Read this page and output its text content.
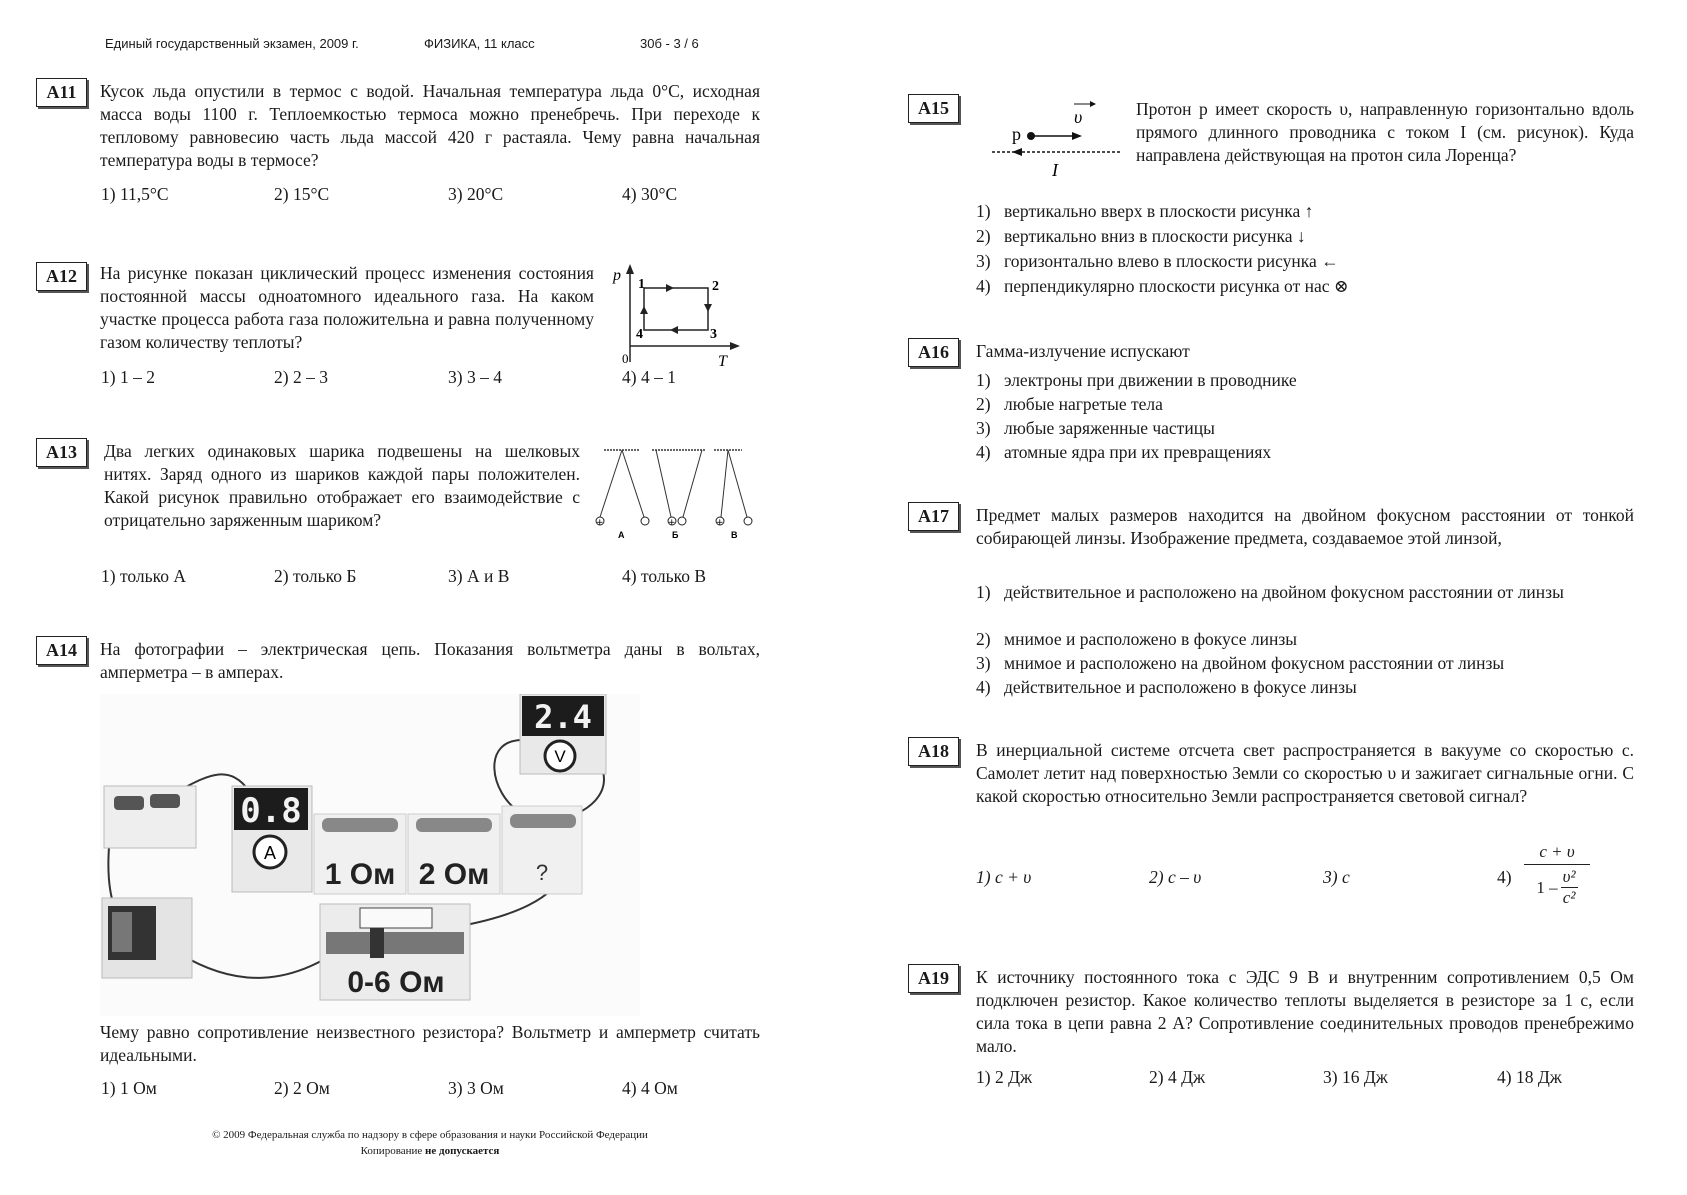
Единый государственный экзамен, 2009 г.	ФИЗИКА, 11 класс	30б - 3 / 6
A11	Кусок льда опустили в термос с водой. Начальная температура льда 0°С, исходная масса воды 1100 г. Теплоемкостью термоса можно пренебречь. При переходе к тепловому равновесию часть льда массой 420 г растаяла. Чему равна начальная температура воды в термосе?
1) 11,5°С	2) 15°С	3) 20°С	4) 30°С
A12	На рисунке показан циклический процесс изменения состояния постоянной массы одноатомного идеального газа. На каком участке процесса работа газа положительна и равна полученному газом количеству теплоты?
p
T
0
1	2
3
4
1) 1 – 2	2) 2 – 3	3) 3 – 4	4) 4 – 1
A13	Два легких одинаковых шарика подвешены на шелковых нитях. Заряд одного из шариков каждой пары положителен. Какой рисунок правильно отображает его взаимодействие с отрицательно заряженным шариком?	+
А
+
Б
+
В
1) только А	2) только Б	3) А и В	4) только В
A14	На фотографии – электрическая цепь. Показания вольтметра даны в вольтах, амперметра – в амперах.
0.8
A
1 Ом 2 Ом ?
2.4
V
0-6 Ом
Чему равно сопротивление неизвестного резистора? Вольтметр и амперметр считать идеальными.
1) 1 Ом	2) 2 Ом	3) 3 Ом	4) 4 Ом
© 2009 Федеральная служба по надзору в сфере образования и науки Российской Федерации
Копирование не допускается
A15
p
υ
I
Протон p имеет скорость υ, направленную горизонтально вдоль прямого длинного проводника с током I (см. рисунок). Куда направлена действующая на протон сила Лоренца?
1) вертикально вверх в плоскости рисунка ↑
2) вертикально вниз в плоскости рисунка ↓
3) горизонтально влево в плоскости рисунка ←
4) перпендикулярно плоскости рисунка от нас ⊗
A16	Гамма-излучение испускают
1) электроны при движении в проводнике
2) любые нагретые тела
3) любые заряженные частицы
4) атомные ядра при их превращениях
A17	Предмет малых размеров находится на двойном фокусном расстоянии от тонкой собирающей линзы. Изображение предмета, создаваемое этой линзой,
1) действительное и расположено на двойном фокусном расстоянии от линзы
2) мнимое и расположено в фокусе линзы
3) мнимое и расположено на двойном фокусном расстоянии от линзы
4) действительное и расположено в фокусе линзы
A18	В инерциальной системе отсчета свет распространяется в вакууме со скоростью c. Самолет летит над поверхностью Земли со скоростью υ и зажигает сигнальные огни. С какой скоростью относительно Земли распространяется световой сигнал?
1) c + υ	2) c – υ	3) c	4)
c + υ
$1 - \frac{\text{υ²}}{\text{c²}}$
A19	К источнику постоянного тока с ЭДС 9 В и внутренним сопротивлением 0,5 Ом подключен резистор. Какое количество теплоты выделяется в резисторе за 1 с, если сила тока в цепи равна 2 А? Сопротивление соединительных проводов пренебрежимо мало.
1) 2 Дж	2) 4 Дж	3) 16 Дж	4) 18 Дж
